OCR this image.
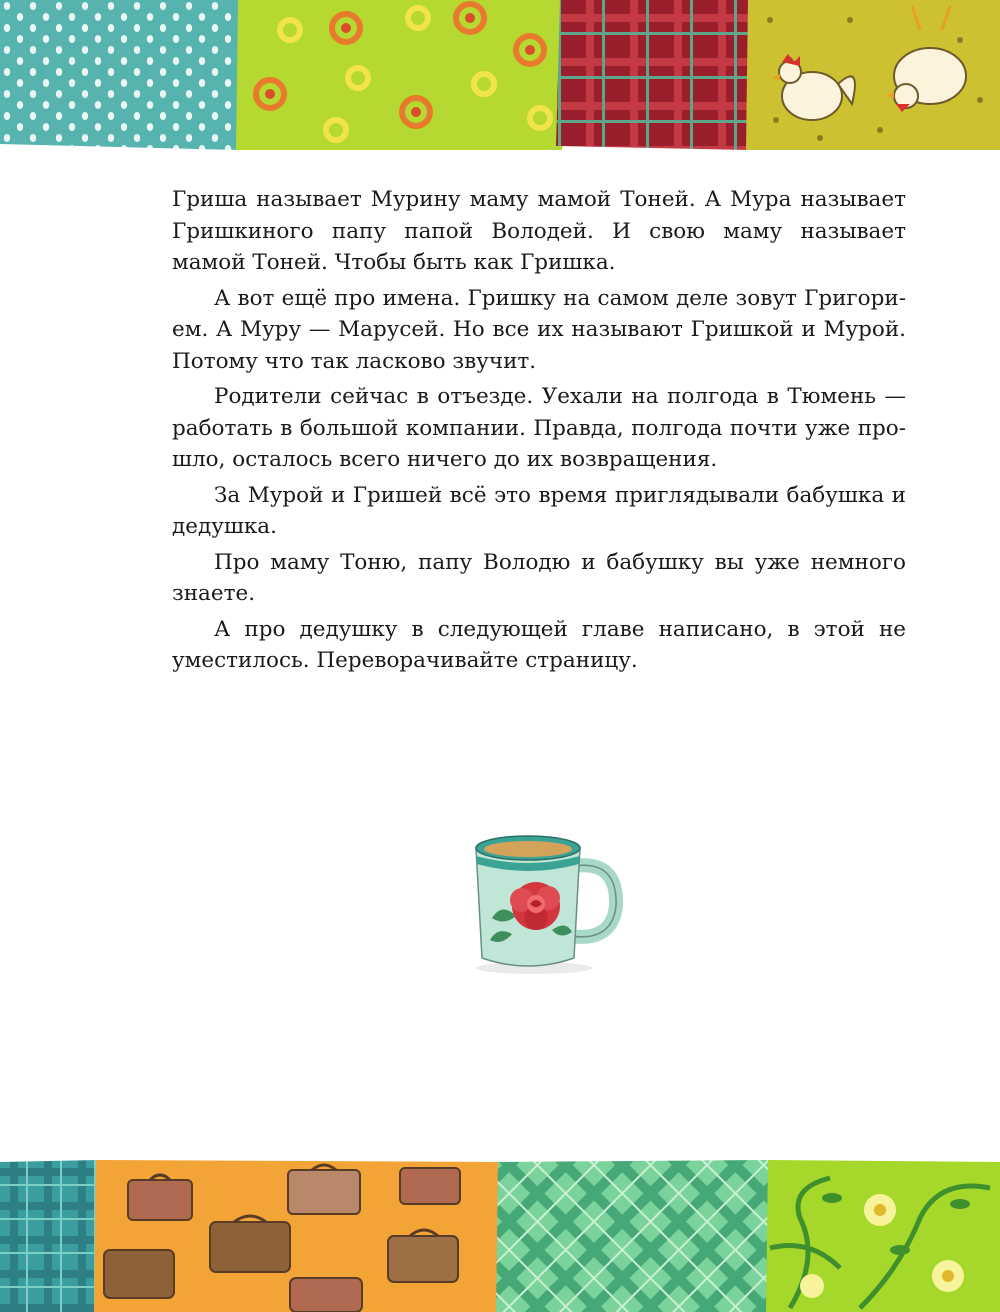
Гриша называет Мурину маму мамой Тоней. А Мура называет Гришкиного папу папой Володей. И свою маму называет мамой Тоней. Чтобы быть как Гришка.

А вот ещё про имена. Гришку на самом деле зовут Григорием. А Муру — Марусей. Но все их называют Гришкой и Мурой. Потому что так ласково звучит.

Родители сейчас в отъезде. Уехали на полгода в Тюмень — работать в большой компании. Правда, полгода почти уже прошло, осталось всего ничего до их возвращения.

За Мурой и Гришей всё это время приглядывали бабушка и дедушка.

Про маму Тоню, папу Володю и бабушку вы уже немного знаете.

А про дедушку в следующей главе написано, в этой не уместилось. Переворачивайте страницу.
